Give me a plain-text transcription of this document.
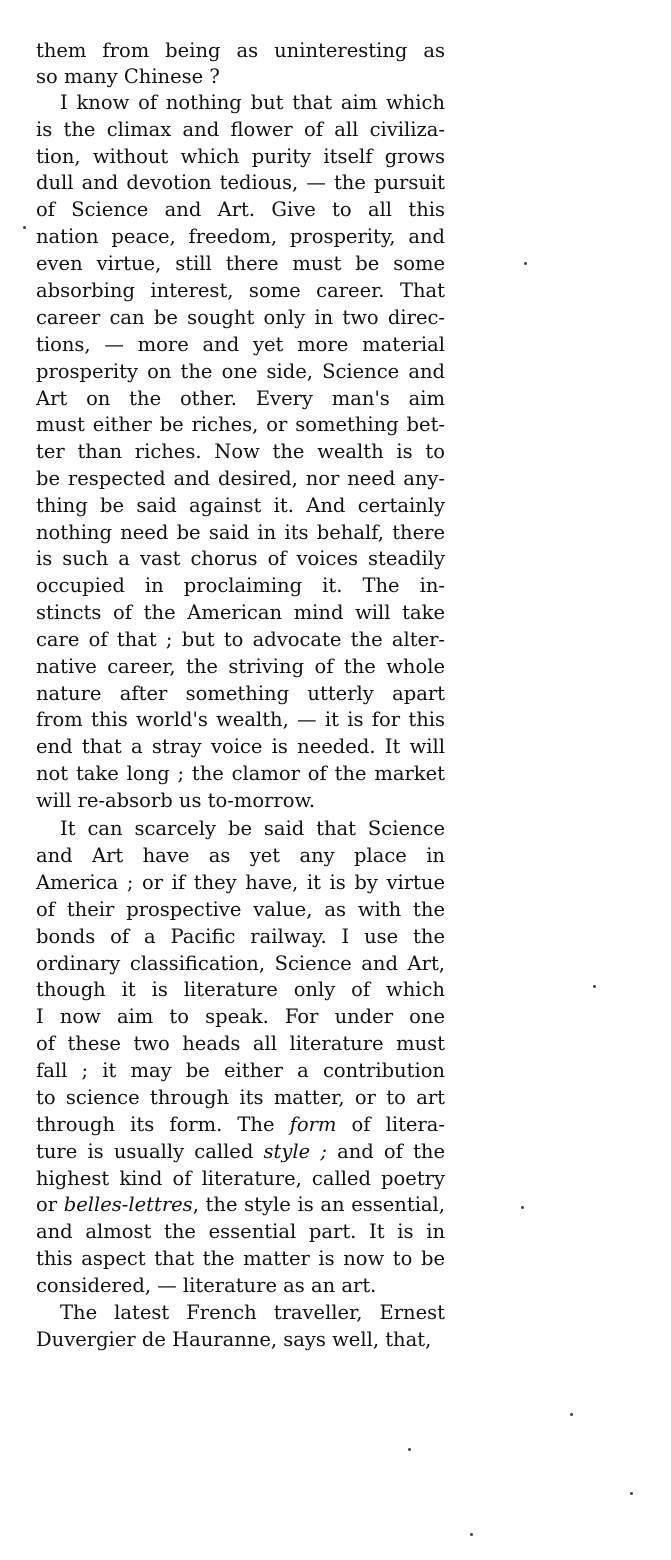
them from being as uninteresting as

so many Chinese ?

I know of nothing but that aim which

is the climax and flower of all civiliza-

tion, without which purity itself grows

dull and devotion tedious, — the pursuit

of Science and Art. Give to all this

nation peace, freedom, prosperity, and

even virtue, still there must be some

absorbing interest, some career. That

career can be sought only in two direc-

tions, — more and yet more material

prosperity on the one side, Science and

Art on the other. Every man's aim

must either be riches, or something bet-

ter than riches. Now the wealth is to

be respected and desired, nor need any-

thing be said against it. And certainly

nothing need be said in its behalf, there

is such a vast chorus of voices steadily

occupied in proclaiming it. The in-

stincts of the American mind will take

care of that ; but to advocate the alter-

native career, the striving of the whole

nature after something utterly apart

from this world's wealth, — it is for this

end that a stray voice is needed. It will

not take long ; the clamor of the market

will re-absorb us to-morrow.

It can scarcely be said that Science

and Art have as yet any place in

America ; or if they have, it is by virtue

of their prospective value, as with the

bonds of a Pacific railway. I use the

ordinary classification, Science and Art,

though it is literature only of which

I now aim to speak. For under one

of these two heads all literature must

fall ; it may be either a contribution

to science through its matter, or to art

through its form. The form of litera-

ture is usually called style ; and of the

highest kind of literature, called poetry

or belles-lettres, the style is an essential,

and almost the essential part. It is in

this aspect that the matter is now to be

considered, — literature as an art.

The latest French traveller, Ernest

Duvergier de Hauranne, says well, that,
